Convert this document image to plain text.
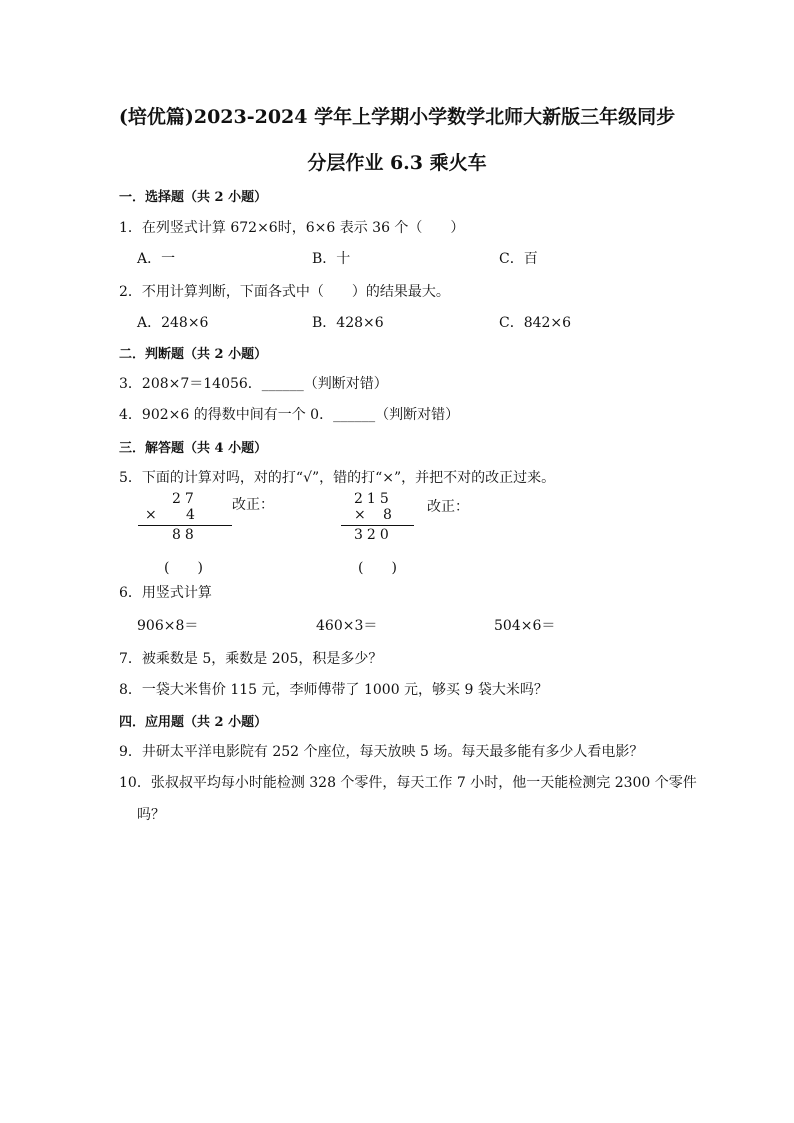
(培优篇)2023-2024 学年上学期小学数学北师大新版三年级同步
分层作业 6.3 乘火车
一．选择题（共 2 小题）
1．在列竖式计算 672×6时，6×6 表示 36 个（　　）
A．一	B．十	C．百
2．不用计算判断，下面各式中（　　）的结果最大。
A．248×6	B．428×6	C．842×6
二．判断题（共 2 小题）
3．208×7＝14056．______（判断对错）
4．902×6 的得数中间有一个 0．______（判断对错）
三．解答题（共 4 小题）
5．下面的计算对吗，对的打“√”，错的打“×”，并把不对的改正过来。
27
× 4
88
改正：
(　　)
215
× 8
320
改正：
(　　)
6．用竖式计算
906×8＝	460×3＝	504×6＝
7．被乘数是 5，乘数是 205，积是多少？
8．一袋大米售价 115 元，李师傅带了 1000 元，够买 9 袋大米吗？
四．应用题（共 2 小题）
9．井研太平洋电影院有 252 个座位，每天放映 5 场。每天最多能有多少人看电影？
10．张叔叔平均每小时能检测 328 个零件，每天工作 7 小时，他一天能检测完 2300 个零件
吗？
